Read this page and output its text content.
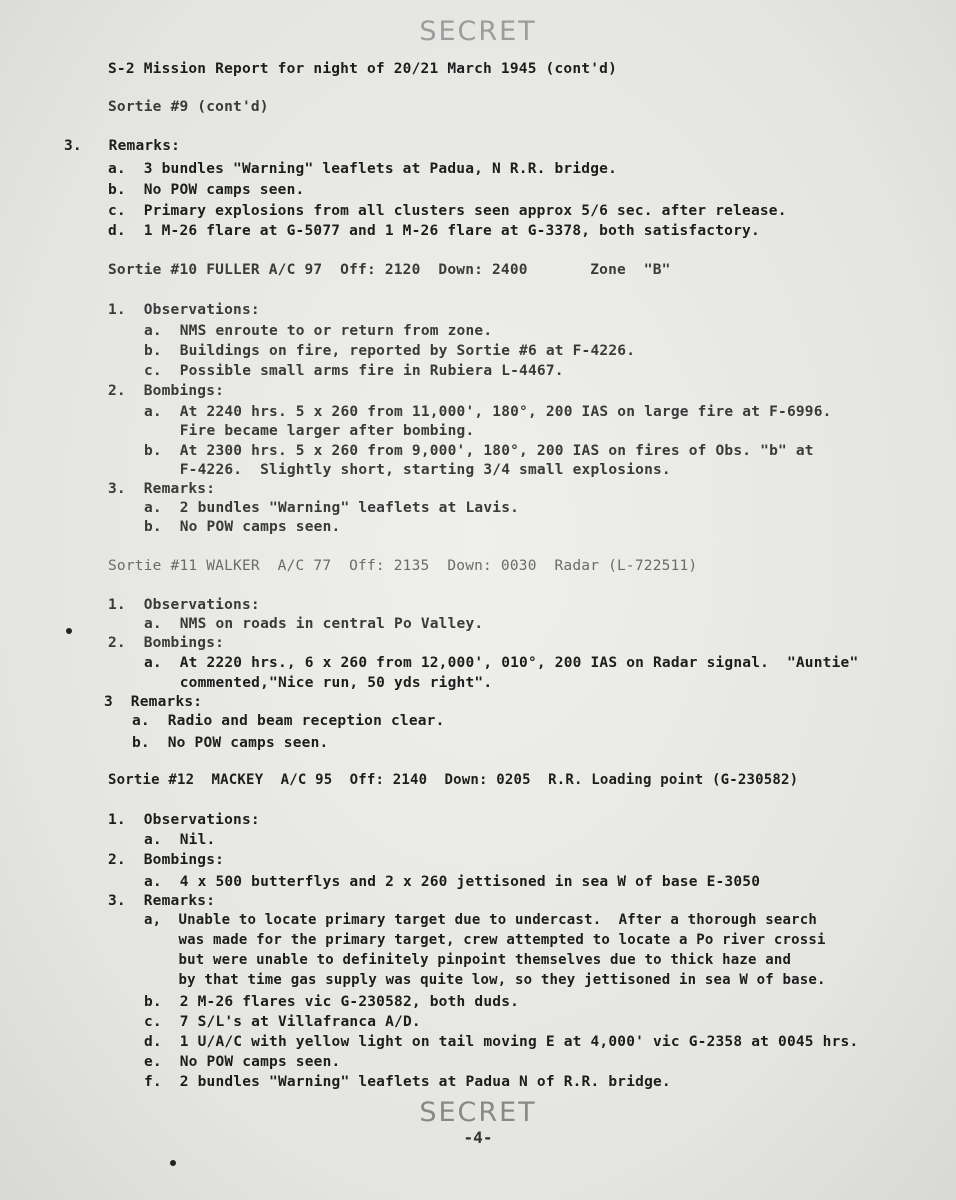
SECRET
S-2 Mission Report for night of 20/21 March 1945 (cont'd)
Sortie #9 (cont'd)
3.   Remarks:
a.  3 bundles "Warning" leaflets at Padua, N R.R. bridge.
b.  No POW camps seen.
c.  Primary explosions from all clusters seen approx 5/6 sec. after release.
d.  1 M-26 flare at G-5077 and 1 M-26 flare at G-3378, both satisfactory.
Sortie #10 FULLER A/C 97  Off: 2120  Down: 2400       Zone  "B"
1.  Observations:
a.  NMS enroute to or return from zone.
b.  Buildings on fire, reported by Sortie #6 at F-4226.
c.  Possible small arms fire in Rubiera L-4467.
2.  Bombings:
a.  At 2240 hrs. 5 x 260 from 11,000', 180°, 200 IAS on large fire at F-6996.
Fire became larger after bombing.
b.  At 2300 hrs. 5 x 260 from 9,000', 180°, 200 IAS on fires of Obs. "b" at
F-4226.  Slightly short, starting 3/4 small explosions.
3.  Remarks:
a.  2 bundles "Warning" leaflets at Lavis.
b.  No POW camps seen.
Sortie #11 WALKER  A/C 77  Off: 2135  Down: 0030  Radar (L-722511)
1.  Observations:
a.  NMS on roads in central Po Valley.
2.  Bombings:
a.  At 2220 hrs., 6 x 260 from 12,000', 010°, 200 IAS on Radar signal.  "Auntie"
commented,"Nice run, 50 yds right".
3  Remarks:
a.  Radio and beam reception clear.
b.  No POW camps seen.
Sortie #12  MACKEY  A/C 95  Off: 2140  Down: 0205  R.R. Loading point (G-230582)
1.  Observations:
a.  Nil.
2.  Bombings:
a.  4 x 500 butterflys and 2 x 260 jettisoned in sea W of base E-3050
3.  Remarks:
a,  Unable to locate primary target due to undercast.  After a thorough search
was made for the primary target, crew attempted to locate a Po river crossi
but were unable to definitely pinpoint themselves due to thick haze and
by that time gas supply was quite low, so they jettisoned in sea W of base.
b.  2 M-26 flares vic G-230582, both duds.
c.  7 S/L's at Villafranca A/D.
d.  1 U/A/C with yellow light on tail moving E at 4,000' vic G-2358 at 0045 hrs.
e.  No POW camps seen.
f.  2 bundles "Warning" leaflets at Padua N of R.R. bridge.
SECRET
-4-
